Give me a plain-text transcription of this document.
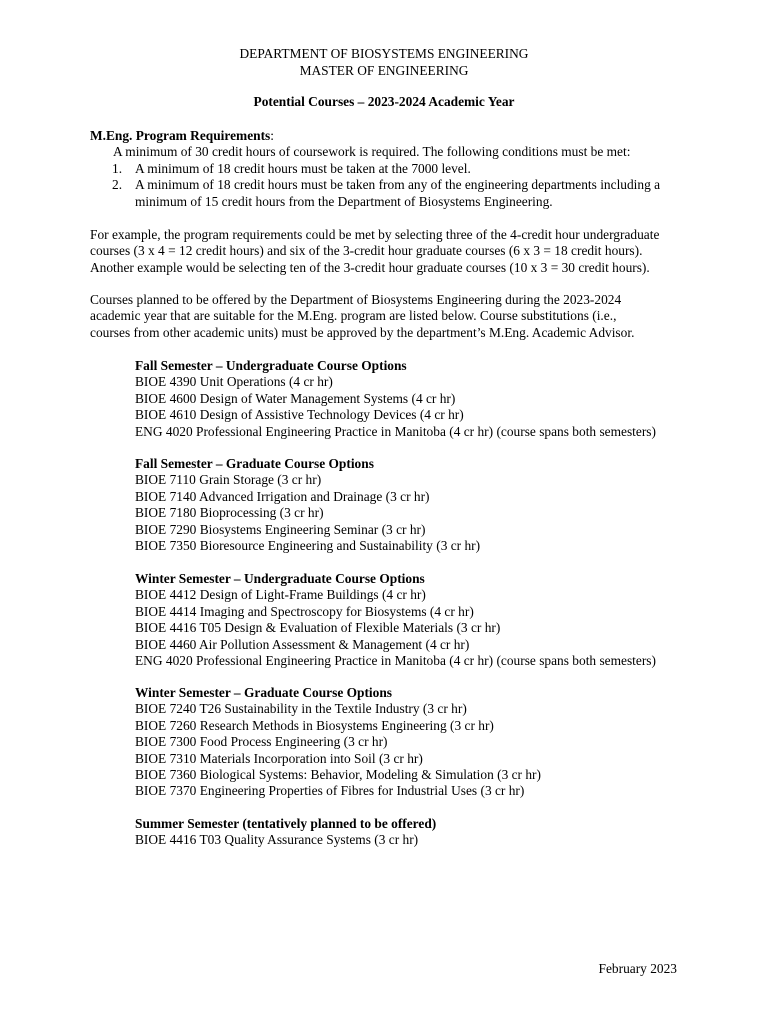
DEPARTMENT OF BIOSYSTEMS ENGINEERING
MASTER OF ENGINEERING
Potential Courses – 2023-2024 Academic Year
M.Eng. Program Requirements:
A minimum of 30 credit hours of coursework is required. The following conditions must be met:
1. A minimum of 18 credit hours must be taken at the 7000 level.
2. A minimum of 18 credit hours must be taken from any of the engineering departments including a
minimum of 15 credit hours from the Department of Biosystems Engineering.
For example, the program requirements could be met by selecting three of the 4-credit hour undergraduate
courses (3 x 4 = 12 credit hours) and six of the 3-credit hour graduate courses (6 x 3 = 18 credit hours).
Another example would be selecting ten of the 3-credit hour graduate courses (10 x 3 = 30 credit hours).
Courses planned to be offered by the Department of Biosystems Engineering during the 2023-2024
academic year that are suitable for the M.Eng. program are listed below. Course substitutions (i.e.,
courses from other academic units) must be approved by the department’s M.Eng. Academic Advisor.
Fall Semester – Undergraduate Course Options
BIOE 4390 Unit Operations (4 cr hr)
BIOE 4600 Design of Water Management Systems (4 cr hr)
BIOE 4610 Design of Assistive Technology Devices (4 cr hr)
ENG 4020 Professional Engineering Practice in Manitoba (4 cr hr) (course spans both semesters)
Fall Semester – Graduate Course Options
BIOE 7110 Grain Storage (3 cr hr)
BIOE 7140 Advanced Irrigation and Drainage (3 cr hr)
BIOE 7180 Bioprocessing (3 cr hr)
BIOE 7290 Biosystems Engineering Seminar (3 cr hr)
BIOE 7350 Bioresource Engineering and Sustainability (3 cr hr)
Winter Semester – Undergraduate Course Options
BIOE 4412 Design of Light-Frame Buildings (4 cr hr)
BIOE 4414 Imaging and Spectroscopy for Biosystems (4 cr hr)
BIOE 4416 T05 Design & Evaluation of Flexible Materials (3 cr hr)
BIOE 4460 Air Pollution Assessment & Management (4 cr hr)
ENG 4020 Professional Engineering Practice in Manitoba (4 cr hr) (course spans both semesters)
Winter Semester – Graduate Course Options
BIOE 7240 T26 Sustainability in the Textile Industry (3 cr hr)
BIOE 7260 Research Methods in Biosystems Engineering (3 cr hr)
BIOE 7300 Food Process Engineering (3 cr hr)
BIOE 7310 Materials Incorporation into Soil (3 cr hr)
BIOE 7360 Biological Systems: Behavior, Modeling & Simulation (3 cr hr)
BIOE 7370 Engineering Properties of Fibres for Industrial Uses (3 cr hr)
Summer Semester (tentatively planned to be offered)
BIOE 4416 T03 Quality Assurance Systems (3 cr hr)
February 2023
